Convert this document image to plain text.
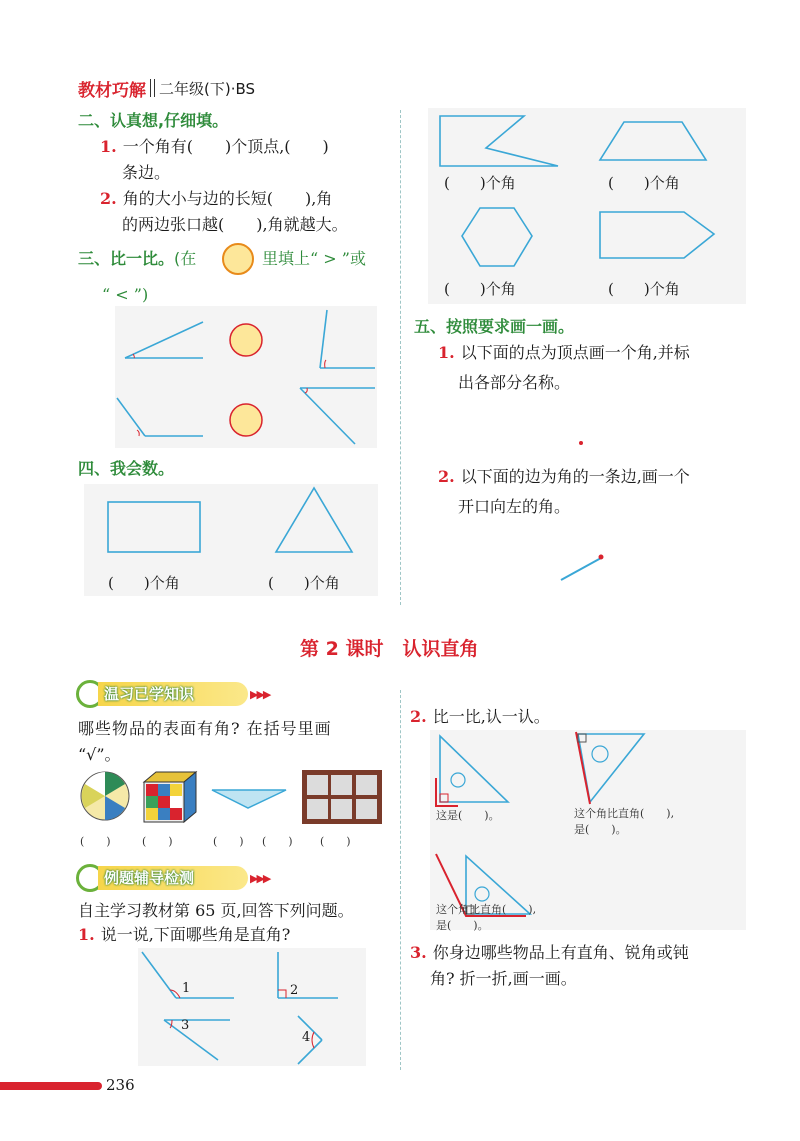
教材巧解 二年级(下)·BS
二、认真想,仔细填。
1. 一个角有(　　)个顶点,(　　)
条边。
2. 角的大小与边的长短(　　),角
的两边张口越(　　),角就越大。
三、比一比。(在	里填上“ > ”或
“ < ”)
四、我会数。
(　　)个角	(　　)个角
(　　)个角	(　　)个角
(　　)个角	(　　)个角
五、按照要求画一画。
1. 以下面的点为顶点画一个角,并标
出各部分名称。
2. 以下面的边为角的一条边,画一个
开口向左的角。
第 2 课时　认识直角
温习已学知识	▶▶▶
哪些物品的表面有角? 在括号里画
“√”。
(　　)	(　　)	(　　) (　　) (　　)
例题辅导检测	▶▶▶
自主学习教材第 65 页,回答下列问题。
1. 说一说,下面哪些角是直角?
1	2
3
4
2. 比一比,认一认。
这是(　　)。	这个角比直角(　　),
是(　　)。
这个角比直角(　　),
是(　　)。
3. 你身边哪些物品上有直角、锐角或钝
角? 折一折,画一画。
236
